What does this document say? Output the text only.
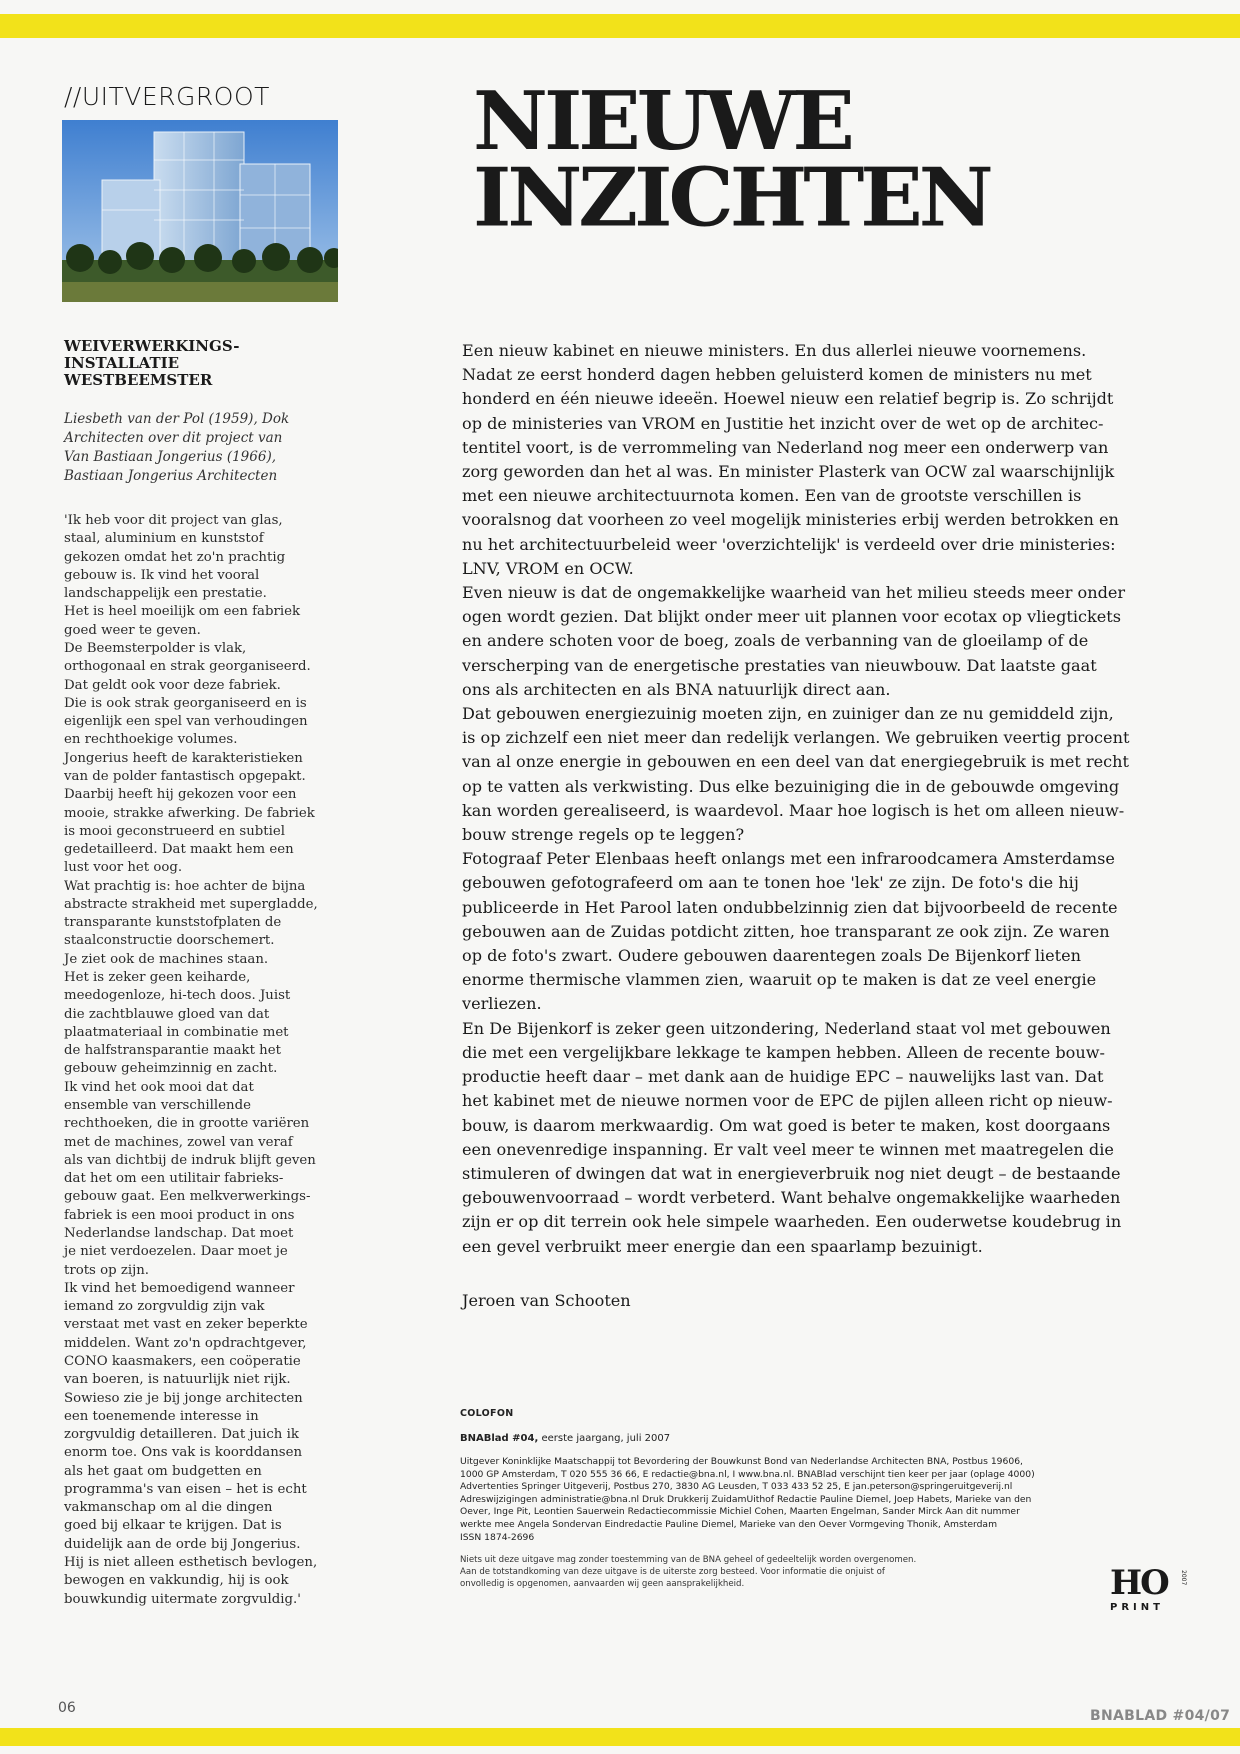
//UITVERGROOT NIEUWE
INZICHTEN
WEIVERWERKINGS-
INSTALLATIE
WESTBEEMSTER
Liesbeth van der Pol (1959), Dok
Architecten over dit project van
Van Bastiaan Jongerius (1966),
Bastiaan Jongerius Architecten
'Ik heb voor dit project van glas,
staal, aluminium en kunststof
gekozen omdat het zo'n prachtig
gebouw is. Ik vind het vooral
landschappelijk een prestatie.
Het is heel moeilijk om een fabriek
goed weer te geven.
De Beemsterpolder is vlak,
orthogonaal en strak georganiseerd.
Dat geldt ook voor deze fabriek.
Die is ook strak georganiseerd en is
eigenlijk een spel van verhoudingen
en rechthoekige volumes.
Jongerius heeft de karakteristieken
van de polder fantastisch opgepakt.
Daarbij heeft hij gekozen voor een
mooie, strakke afwerking. De fabriek
is mooi geconstrueerd en subtiel
gedetailleerd. Dat maakt hem een
lust voor het oog.
Wat prachtig is: hoe achter de bijna
abstracte strakheid met supergladde,
transparante kunststofplaten de
staalconstructie doorschemert.
Je ziet ook de machines staan.
Het is zeker geen keiharde,
meedogenloze, hi-tech doos. Juist
die zachtblauwe gloed van dat
plaatmateriaal in combinatie met
de halfstransparantie maakt het
gebouw geheimzinnig en zacht.
Ik vind het ook mooi dat dat
ensemble van verschillende
rechthoeken, die in grootte variëren
met de machines, zowel van veraf
als van dichtbij de indruk blijft geven
dat het om een utilitair fabrieks-
gebouw gaat. Een melkverwerkings-
fabriek is een mooi product in ons
Nederlandse landschap. Dat moet
je niet verdoezelen. Daar moet je
trots op zijn.
Ik vind het bemoedigend wanneer
iemand zo zorgvuldig zijn vak
verstaat met vast en zeker beperkte
middelen. Want zo'n opdrachtgever,
CONO kaasmakers, een coöperatie
van boeren, is natuurlijk niet rijk.
Sowieso zie je bij jonge architecten
een toenemende interesse in
zorgvuldig detailleren. Dat juich ik
enorm toe. Ons vak is koorddansen
als het gaat om budgetten en
programma's van eisen – het is echt
vakmanschap om al die dingen
goed bij elkaar te krijgen. Dat is
duidelijk aan de orde bij Jongerius.
Hij is niet alleen esthetisch bevlogen,
bewogen en vakkundig, hij is ook
bouwkundig uitermate zorgvuldig.'
Een nieuw kabinet en nieuwe ministers. En dus allerlei nieuwe voornemens.
Nadat ze eerst honderd dagen hebben geluisterd komen de ministers nu met
honderd en één nieuwe ideeën. Hoewel nieuw een relatief begrip is. Zo schrijdt
op de ministeries van VROM en Justitie het inzicht over de wet op de architec-
tentitel voort, is de verrommeling van Nederland nog meer een onderwerp van
zorg geworden dan het al was. En minister Plasterk van OCW zal waarschijnlijk
met een nieuwe architectuurnota komen. Een van de grootste verschillen is
vooralsnog dat voorheen zo veel mogelijk ministeries erbij werden betrokken en
nu het architectuurbeleid weer 'overzichtelijk' is verdeeld over drie ministeries:
LNV, VROM en OCW.
Even nieuw is dat de ongemakkelijke waarheid van het milieu steeds meer onder
ogen wordt gezien. Dat blijkt onder meer uit plannen voor ecotax op vliegtickets
en andere schoten voor de boeg, zoals de verbanning van de gloeilamp of de
verscherping van de energetische prestaties van nieuwbouw. Dat laatste gaat
ons als architecten en als BNA natuurlijk direct aan.
Dat gebouwen energiezuinig moeten zijn, en zuiniger dan ze nu gemiddeld zijn,
is op zichzelf een niet meer dan redelijk verlangen. We gebruiken veertig procent
van al onze energie in gebouwen en een deel van dat energiegebruik is met recht
op te vatten als verkwisting. Dus elke bezuiniging die in de gebouwde omgeving
kan worden gerealiseerd, is waardevol. Maar hoe logisch is het om alleen nieuw-
bouw strenge regels op te leggen?
Fotograaf Peter Elenbaas heeft onlangs met een infraroodcamera Amsterdamse
gebouwen gefotografeerd om aan te tonen hoe 'lek' ze zijn. De foto's die hij
publiceerde in Het Parool laten ondubbelzinnig zien dat bijvoorbeeld de recente
gebouwen aan de Zuidas potdicht zitten, hoe transparant ze ook zijn. Ze waren
op de foto's zwart. Oudere gebouwen daarentegen zoals De Bijenkorf lieten
enorme thermische vlammen zien, waaruit op te maken is dat ze veel energie
verliezen.
En De Bijenkorf is zeker geen uitzondering, Nederland staat vol met gebouwen
die met een vergelijkbare lekkage te kampen hebben. Alleen de recente bouw-
productie heeft daar – met dank aan de huidige EPC – nauwelijks last van. Dat
het kabinet met de nieuwe normen voor de EPC de pijlen alleen richt op nieuw-
bouw, is daarom merkwaardig. Om wat goed is beter te maken, kost doorgaans
een onevenredige inspanning. Er valt veel meer te winnen met maatregelen die
stimuleren of dwingen dat wat in energieverbruik nog niet deugt – de bestaande
gebouwenvoorraad – wordt verbeterd. Want behalve ongemakkelijke waarheden
zijn er op dit terrein ook hele simpele waarheden. Een ouderwetse koudebrug in
een gevel verbruikt meer energie dan een spaarlamp bezuinigt.
Jeroen van Schooten
COLOFON
BNABlad #04, eerste jaargang, juli 2007
Uitgever Koninklijke Maatschappij tot Bevordering der Bouwkunst Bond van Nederlandse Architecten BNA, Postbus 19606,
1000 GP Amsterdam, T 020 555 36 66, E redactie@bna.nl, I www.bna.nl. BNABlad verschijnt tien keer per jaar (oplage 4000)
Advertenties Springer Uitgeverij, Postbus 270, 3830 AG Leusden, T 033 433 52 25, E jan.peterson@springeruitgeverij.nl
Adreswijzigingen administratie@bna.nl Druk Drukkerij ZuidamUithof Redactie Pauline Diemel, Joep Habets, Marieke van den
Oever, Inge Pit, Leontien Sauerwein Redactiecommissie Michiel Cohen, Maarten Engelman, Sander Mirck Aan dit nummer
werkte mee Angela Sondervan Eindredactie Pauline Diemel, Marieke van den Oever Vormgeving Thonik, Amsterdam
ISSN 1874-2696
Niets uit deze uitgave mag zonder toestemming van de BNA geheel of gedeeltelijk worden overgenomen.
Aan de totstandkoming van deze uitgave is de uiterste zorg besteed. Voor informatie die onjuist of
onvolledig is opgenomen, aanvaarden wij geen aansprakelijkheid.	HO
PRINT
2007
06	BNABLAD #04/07
